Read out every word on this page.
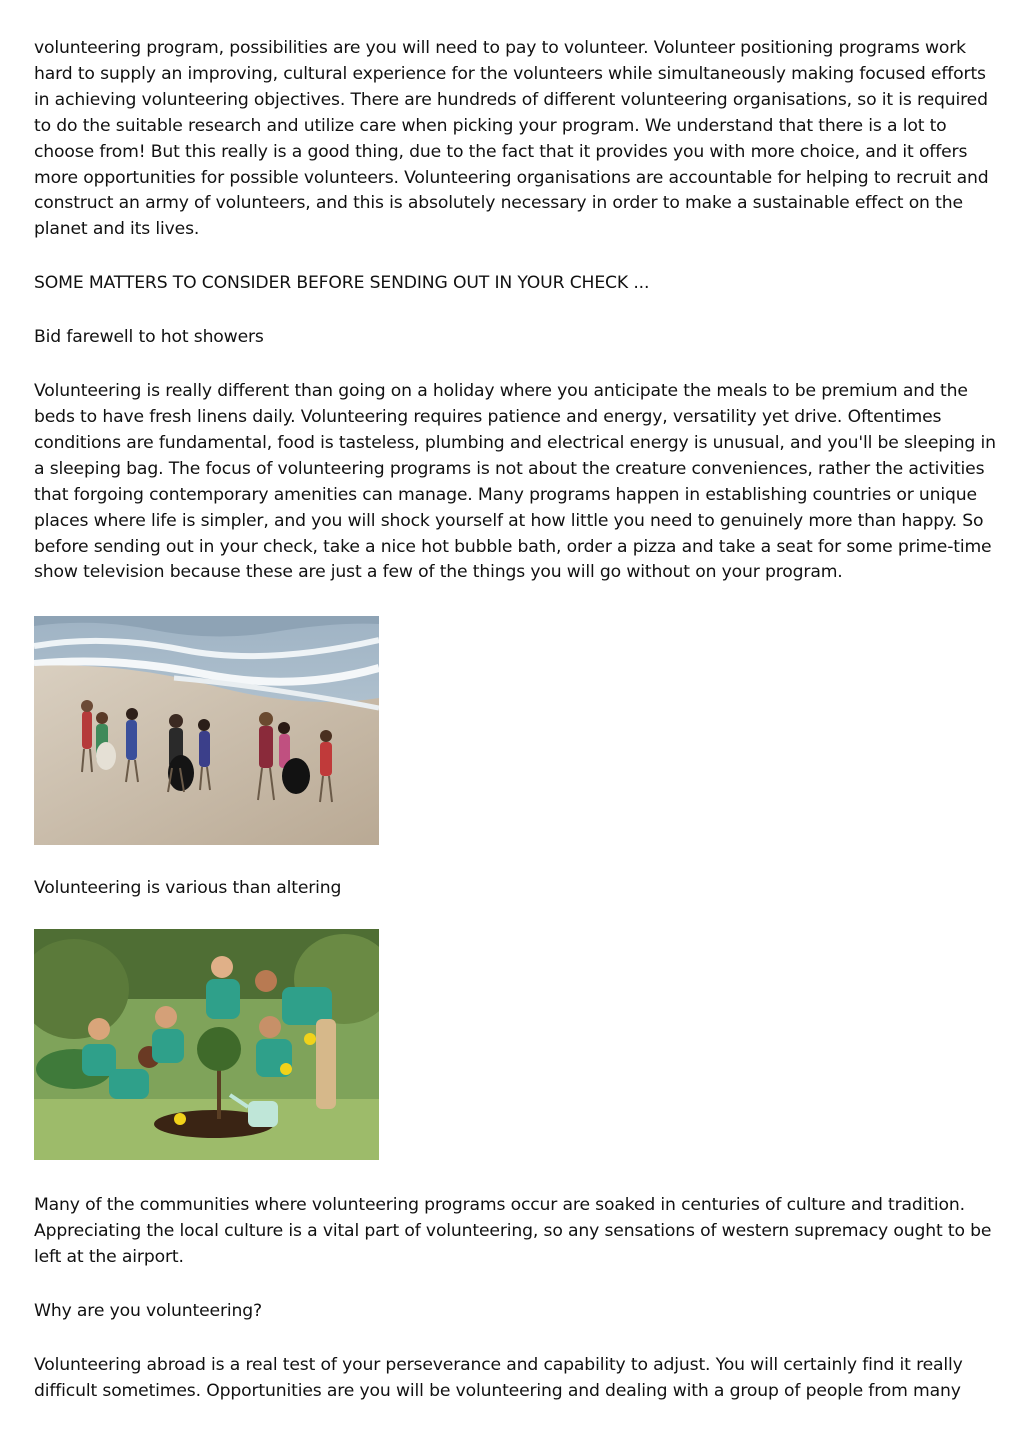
volunteering program, possibilities are you will need to pay to volunteer. Volunteer positioning programs work hard to supply an improving, cultural experience for the volunteers while simultaneously making focused efforts in achieving volunteering objectives. There are hundreds of different volunteering organisations, so it is required to do the suitable research and utilize care when picking your program. We understand that there is a lot to choose from! But this really is a good thing, due to the fact that it provides you with more choice, and it offers more opportunities for possible volunteers. Volunteering organisations are accountable for helping to recruit and construct an army of volunteers, and this is absolutely necessary in order to make a sustainable effect on the planet and its lives.

SOME MATTERS TO CONSIDER BEFORE SENDING OUT IN YOUR CHECK ...

Bid farewell to hot showers

Volunteering is really different than going on a holiday where you anticipate the meals to be premium and the beds to have fresh linens daily. Volunteering requires patience and energy, versatility yet drive. Oftentimes conditions are fundamental, food is tasteless, plumbing and electrical energy is unusual, and you'll be sleeping in a sleeping bag. The focus of volunteering programs is not about the creature conveniences, rather the activities that forgoing contemporary amenities can manage. Many programs happen in establishing countries or unique places where life is simpler, and you will shock yourself at how little you need to genuinely more than happy. So before sending out in your check, take a nice hot bubble bath, order a pizza and take a seat for some prime-time show television because these are just a few of the things you will go without on your program.

Volunteering is various than altering

Many of the communities where volunteering programs occur are soaked in centuries of culture and tradition. Appreciating the local culture is a vital part of volunteering, so any sensations of western supremacy ought to be left at the airport.

Why are you volunteering?

Volunteering abroad is a real test of your perseverance and capability to adjust. You will certainly find it really difficult sometimes. Opportunities are you will be volunteering and dealing with a group of people from many
